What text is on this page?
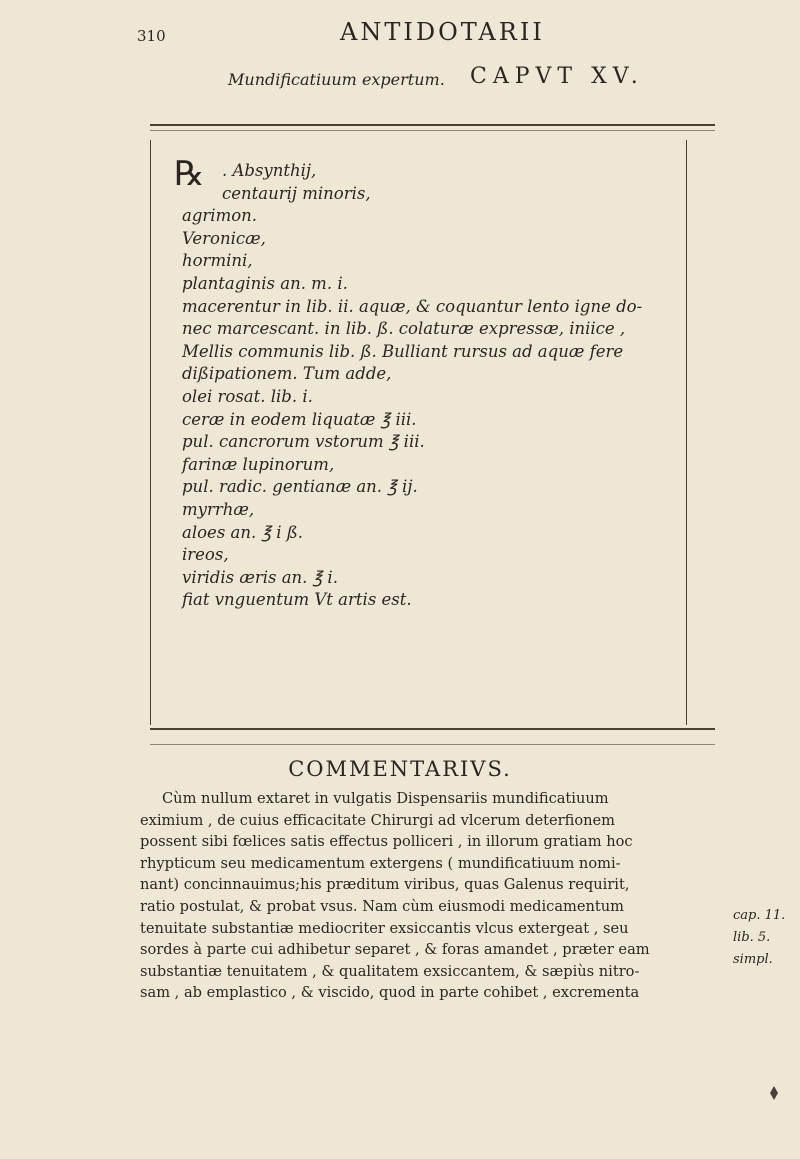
310	ANTIDOTARII
Mundificatiuum expertum. CAPVT XV.
℞	. Absynthij,
centaurij minoris,
agrimon.
Veronicæ,
hormini,
plantaginis an. m. i.
macerentur in lib. ii. aquæ, & coquantur lento igne do-
nec marcescant. in lib. ß. colaturæ expressæ, iniice ,
Mellis communis lib. ß. Bulliant rursus ad aquæ fere
dißipationem. Tum adde,
olei rosat. lib. i.
ceræ in eodem liquatæ ℥ iii.
pul. cancrorum vstorum ℥ iii.
farinæ lupinorum,
pul. radic. gentianæ an. ℥ ij.
myrrhæ,
aloes an. ℥ i ß.
ireos,
viridis æris an. ℥ i.
fiat vnguentum Vt artis est.
COMMENTARIVS.
Cùm nullum extaret in vulgatis Dispensariis mundificatiuum
eximium , de cuius efficacitate Chirurgi ad vlcerum deterfionem
possent sibi fœlices satis effectus polliceri , in illorum gratiam hoc
rhypticum seu medicamentum extergens ( mundificatiuum nomi-
nant) concinnauimus;his præditum viribus, quas Galenus requirit,
ratio postulat, & probat vsus. Nam cùm eiusmodi medicamentum
tenuitate substantiæ mediocriter exsiccantis vlcus extergeat , seu
sordes à parte cui adhibetur separet , & foras amandet , præter eam
substantiæ tenuitatem , & qualitatem exsiccantem, & sæpiùs nitro-
sam , ab emplastico , & viscido, quod in parte cohibet , excrementa
cap. 11.
lib. 5.
simpl.
